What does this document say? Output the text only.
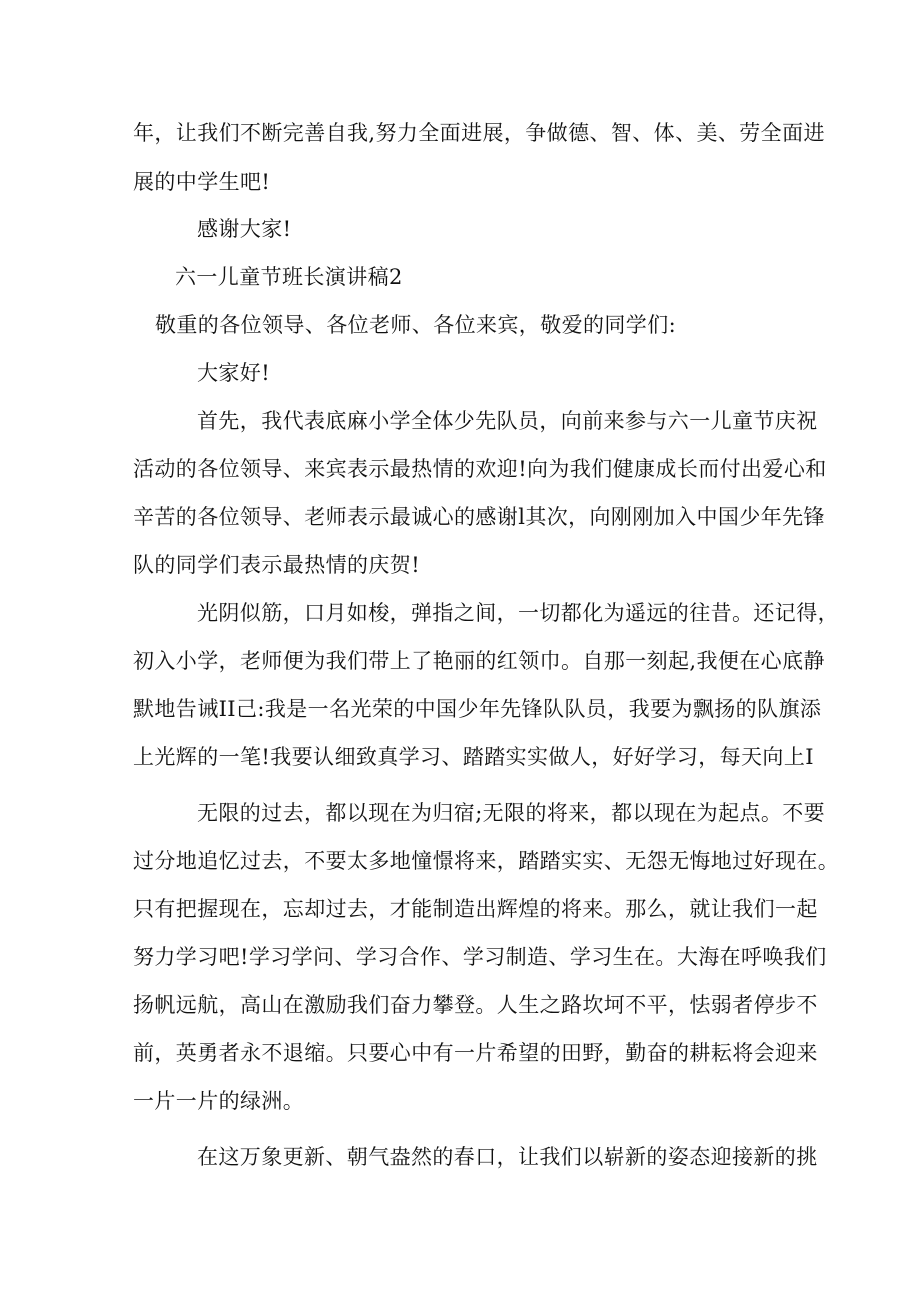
年，让我们不断完善自我,努力全面进展，争做德、智、体、美、劳全面进
展的中学生吧!
感谢大家!
六一儿童节班长演讲稿2
敬重的各位领导、各位老师、各位来宾，敬爱的同学们:
大家好!
首先，我代表底麻小学全体少先队员，向前来参与六一儿童节庆祝
活动的各位领导、来宾表示最热情的欢迎!向为我们健康成长而付出爱心和
辛苦的各位领导、老师表示最诚心的感谢l其次，向刚刚加入中国少年先锋
队的同学们表示最热情的庆贺!
光阴似筋，口月如梭，弹指之间，一切都化为遥远的往昔。还记得，
初入小学，老师便为我们带上了艳丽的红领巾。自那一刻起,我便在心底静
默地告诫II己:我是一名光荣的中国少年先锋队队员，我要为飘扬的队旗添
上光辉的一笔!我要认细致真学习、踏踏实实做人，好好学习，每天向上I
无限的过去，都以现在为归宿;无限的将来，都以现在为起点。不要
过分地追忆过去，不要太多地憧憬将来，踏踏实实、无怨无悔地过好现在。
只有把握现在，忘却过去，才能制造出辉煌的将来。那么，就让我们一起
努力学习吧!学习学问、学习合作、学习制造、学习生在。大海在呼唤我们
扬帆远航，高山在激励我们奋力攀登。人生之路坎坷不平，怯弱者停步不
前，英勇者永不退缩。只要心中有一片希望的田野，勤奋的耕耘将会迎来
一片一片的绿洲。
在这万象更新、朝气盎然的春口，让我们以崭新的姿态迎接新的挑
